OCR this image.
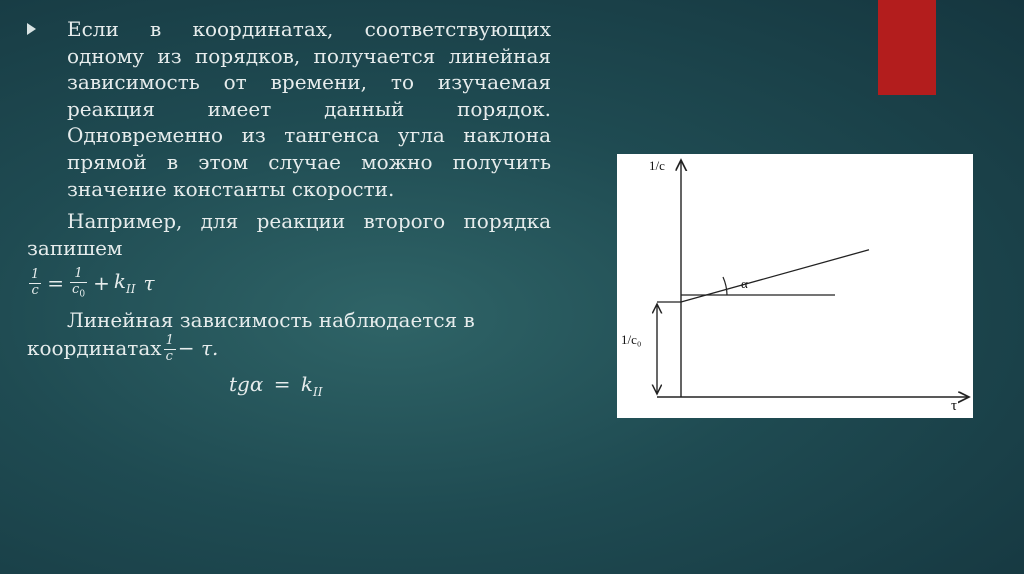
Если в координатах, соответствующих одному из порядков, получается линейная зависимость от времени, то изучаемая реакция имеет данный порядок. Одновременно из тангенса угла наклона прямой в этом случае можно получить значение константы скорости.

Например, для реакции второго порядка запишем

$\frac{1}{c} = \frac{1}{c_0} + k_{II}$ τ

Линейная зависимость наблюдается в
координатах $\frac{1}{c} - \tau$.

$tg\alpha = k_{II}$
1/c
τ
1/c₀
α
